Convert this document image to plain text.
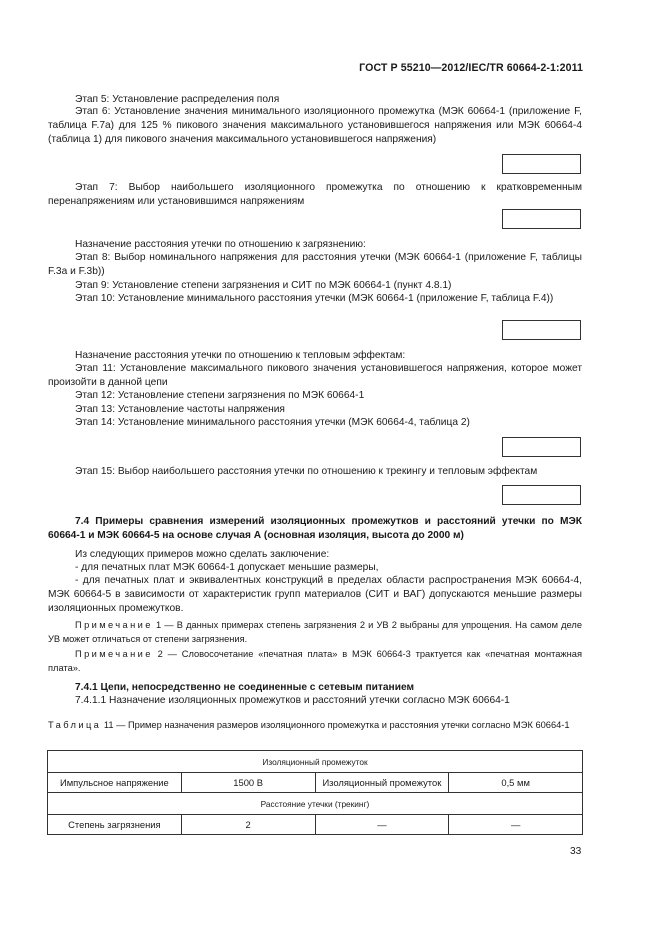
ГОСТ Р 55210—2012/IEC/TR 60664-2-1:2011
Этап 5: Установление распределения поля
Этап 6: Установление значения минимального изоляционного промежутка (МЭК 60664-1 (приложение F, таблица F.7a) для 125 % пикового значения максимального установившегося напряжения или МЭК 60664-4 (таблица 1) для пикового значения максимального установившегося напряжения)
Этап 7: Выбор наибольшего изоляционного промежутка по отношению к кратковременным перенапряжениям или установившимся напряжениям
Назначение расстояния утечки по отношению к загрязнению:
Этап 8: Выбор номинального напряжения для расстояния утечки (МЭК 60664-1 (приложение F, таблицы F.3a и F.3b))
Этап 9: Установление степени загрязнения и СИТ по МЭК 60664-1 (пункт 4.8.1)
Этап 10: Установление минимального расстояния утечки (МЭК 60664-1 (приложение F, таблица F.4))
Назначение расстояния утечки по отношению к тепловым эффектам:
Этап 11: Установление максимального пикового значения установившегося напряжения, которое может произойти в данной цепи
Этап 12: Установление степени загрязнения по МЭК 60664-1
Этап 13: Установление частоты напряжения
Этап 14: Установление минимального расстояния утечки (МЭК 60664-4, таблица 2)
Этап 15: Выбор наибольшего расстояния утечки по отношению к трекингу и тепловым эффектам
7.4 Примеры сравнения измерений изоляционных промежутков и расстояний утечки по МЭК 60664-1 и МЭК 60664-5 на основе случая А (основная изоляция, высота до 2000 м)
Из следующих примеров можно сделать заключение:
- для печатных плат МЭК 60664-1 допускает меньшие размеры,
- для печатных плат и эквивалентных конструкций в пределах области распространения МЭК 60664-4, МЭК 60664-5 в зависимости от характеристик групп материалов (СИТ и ВАГ) допускаются меньшие размеры изоляционных промежутков.
Примечание 1 — В данных примерах степень загрязнения 2 и УВ 2 выбраны для упрощения. На самом деле УВ может отличаться от степени загрязнения.
Примечание 2 — Словосочетание «печатная плата» в МЭК 60664-3 трактуется как «печатная монтажная плата».
7.4.1 Цепи, непосредственно не соединенные с сетевым питанием
7.4.1.1 Назначение изоляционных промежутков и расстояний утечки согласно МЭК 60664-1
Таблица 11 — Пример назначения размеров изоляционного промежутка и расстояния утечки согласно МЭК 60664-1
Изоляционный промежуток			
Импульсное напряжение	1500 В	Изоляционный промежуток	0,5 мм
Расстояние утечки (трекинг)			
Степень загрязнения	2	—	—
33
